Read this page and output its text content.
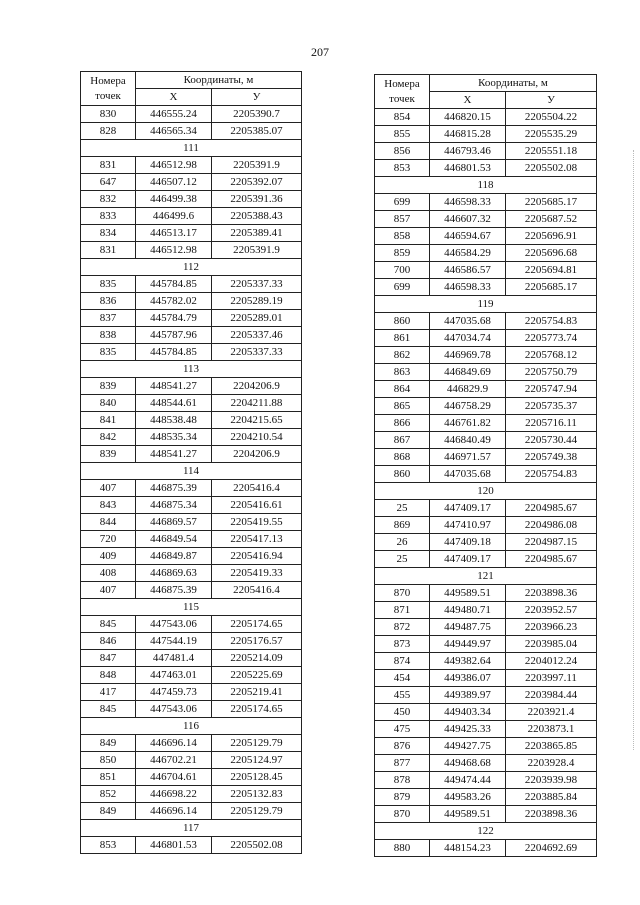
207
Номера точек	Координаты, м	
	X	У
830	446555.24	2205390.7
828	446565.34	2205385.07
111		
831	446512.98	2205391.9
647	446507.12	2205392.07
832	446499.38	2205391.36
833	446499.6	2205388.43
834	446513.17	2205389.41
831	446512.98	2205391.9
112		
835	445784.85	2205337.33
836	445782.02	2205289.19
837	445784.79	2205289.01
838	445787.96	2205337.46
835	445784.85	2205337.33
113		
839	448541.27	2204206.9
840	448544.61	2204211.88
841	448538.48	2204215.65
842	448535.34	2204210.54
839	448541.27	2204206.9
114		
407	446875.39	2205416.4
843	446875.34	2205416.61
844	446869.57	2205419.55
720	446849.54	2205417.13
409	446849.87	2205416.94
408	446869.63	2205419.33
407	446875.39	2205416.4
115		
845	447543.06	2205174.65
846	447544.19	2205176.57
847	447481.4	2205214.09
848	447463.01	2205225.69
417	447459.73	2205219.41
845	447543.06	2205174.65
116		
849	446696.14	2205129.79
850	446702.21	2205124.97
851	446704.61	2205128.45
852	446698.22	2205132.83
849	446696.14	2205129.79
117		
853	446801.53	2205502.08
Номера точек	Координаты, м	
	X	У
854	446820.15	2205504.22
855	446815.28	2205535.29
856	446793.46	2205551.18
853	446801.53	2205502.08
118		
699	446598.33	2205685.17
857	446607.32	2205687.52
858	446594.67	2205696.91
859	446584.29	2205696.68
700	446586.57	2205694.81
699	446598.33	2205685.17
119		
860	447035.68	2205754.83
861	447034.74	2205773.74
862	446969.78	2205768.12
863	446849.69	2205750.79
864	446829.9	2205747.94
865	446758.29	2205735.37
866	446761.82	2205716.11
867	446840.49	2205730.44
868	446971.57	2205749.38
860	447035.68	2205754.83
120		
25	447409.17	2204985.67
869	447410.97	2204986.08
26	447409.18	2204987.15
25	447409.17	2204985.67
121		
870	449589.51	2203898.36
871	449480.71	2203952.57
872	449487.75	2203966.23
873	449449.97	2203985.04
874	449382.64	2204012.24
454	449386.07	2203997.11
455	449389.97	2203984.44
450	449403.34	2203921.4
475	449425.33	2203873.1
876	449427.75	2203865.85
877	449468.68	2203928.4
878	449474.44	2203939.98
879	449583.26	2203885.84
870	449589.51	2203898.36
122		
880	448154.23	2204692.69
